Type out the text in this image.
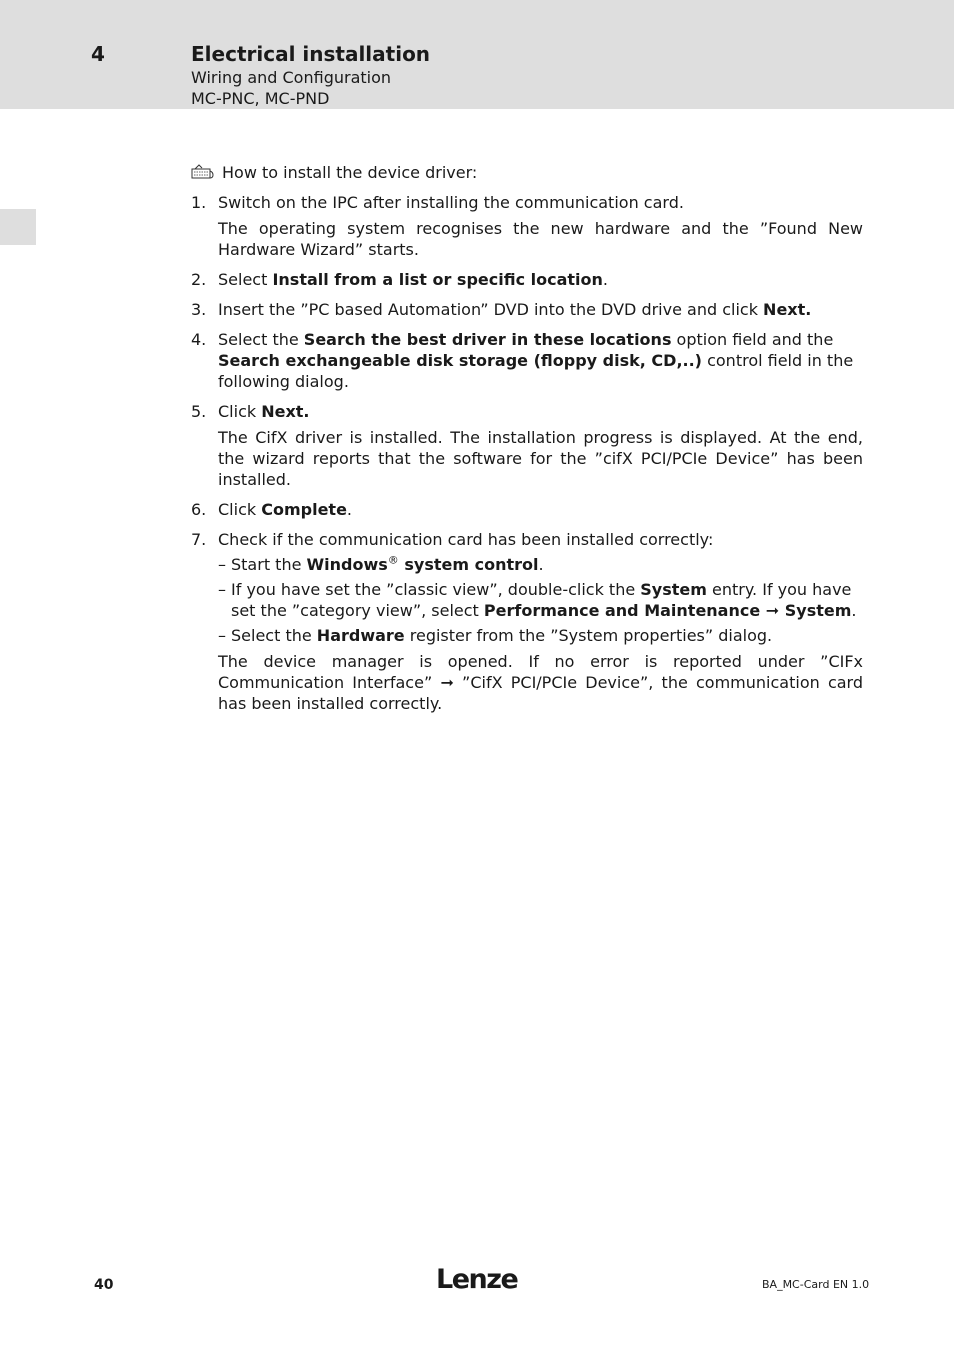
4	Electrical installation
Wiring and Configuration
MC-PNC, MC-PND
How to install the device driver:
1. Switch on the IPC after installing the communication card.

The operating system recognises the new hardware and the ”Found New Hardware Wizard” starts.

2. Select Install from a list or specific location.

3. Insert the ”PC based Automation” DVD into the DVD drive and click Next.

4. Select the Search the best driver in these locations option field and the Search exchangeable disk storage (floppy disk, CD,..) control field in the following dialog.

5. Click Next.

The CifX driver is installed. The installation progress is displayed. At the end, the wizard reports that the software for the ”cifX PCI/PCIe Device” has been installed.

6. Click Complete.

7. Check if the communication card has been installed correctly:

– Start the Windows® system control.
– If you have set the ”classic view”, double-click the System entry. If you have set the ”category view”, select Performance and Maintenance ➞ System.
– Select the Hardware register from the ”System properties” dialog.

The device manager is opened. If no error is reported under ”CIFx Communication Interface” ➞ ”CifX PCI/PCIe Device”, the communication card has been installed correctly.

40	Lenze	BA_MC-Card EN 1.0
